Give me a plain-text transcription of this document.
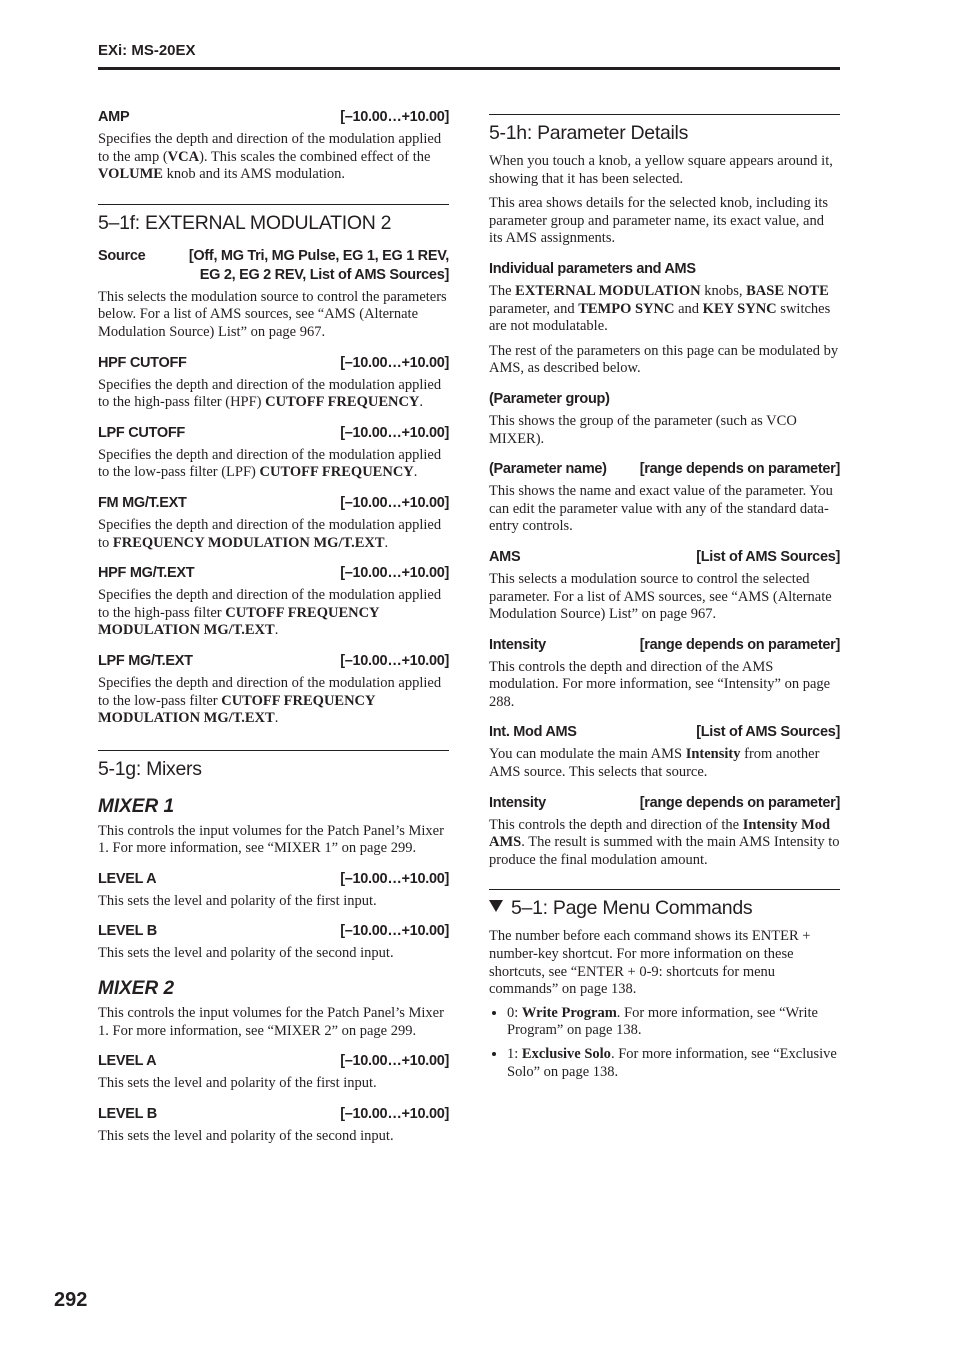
EXi: MS-20EX
AMP	[–10.00…+10.00]

Specifies the depth and direction of the modulation applied to the amp (VCA). This scales the combined effect of the VOLUME knob and its AMS modulation.

5–1f: EXTERNAL MODULATION 2
Source	[Off, MG Tri, MG Pulse, EG 1, EG 1 REV, EG 2, EG 2 REV, List of AMS Sources]

This selects the modulation source to control the parameters below. For a list of AMS sources, see “AMS (Alternate Modulation Source) List” on page 967.

HPF CUTOFF	[–10.00…+10.00]

Specifies the depth and direction of the modulation applied to the high-pass filter (HPF) CUTOFF FREQUENCY.

LPF CUTOFF	[–10.00…+10.00]

Specifies the depth and direction of the modulation applied to the low-pass filter (LPF) CUTOFF FREQUENCY.

FM MG/T.EXT	[–10.00…+10.00]

Specifies the depth and direction of the modulation applied to FREQUENCY MODULATION MG/T.EXT.

HPF MG/T.EXT	[–10.00…+10.00]

Specifies the depth and direction of the modulation applied to the high-pass filter CUTOFF FREQUENCY MODULATION MG/T.EXT.

LPF MG/T.EXT	[–10.00…+10.00]

Specifies the depth and direction of the modulation applied to the low-pass filter CUTOFF FREQUENCY MODULATION MG/T.EXT.

5-1g: Mixers
MIXER 1

This controls the input volumes for the Patch Panel’s Mixer 1. For more information, see “MIXER 1” on page 299.

LEVEL A	[–10.00…+10.00]

This sets the level and polarity of the first input.

LEVEL B	[–10.00…+10.00]

This sets the level and polarity of the second input.

MIXER 2

This controls the input volumes for the Patch Panel’s Mixer 1. For more information, see “MIXER 2” on page 299.

LEVEL A	[–10.00…+10.00]

This sets the level and polarity of the first input.

LEVEL B	[–10.00…+10.00]

This sets the level and polarity of the second input.

5-1h: Parameter Details

When you touch a knob, a yellow square appears around it, showing that it has been selected.

This area shows details for the selected knob, including its parameter group and parameter name, its exact value, and its AMS assignments.

Individual parameters and AMS

The EXTERNAL MODULATION knobs, BASE NOTE parameter, and TEMPO SYNC and KEY SYNC switches are not modulatable.

The rest of the parameters on this page can be modulated by AMS, as described below.

(Parameter group)

This shows the group of the parameter (such as VCO MIXER).

(Parameter name) [range depends on parameter]

This shows the name and exact value of the parameter. You can edit the parameter value with any of the standard data-entry controls.

AMS	[List of AMS Sources]

This selects a modulation source to control the selected parameter. For a list of AMS sources, see “AMS (Alternate Modulation Source) List” on page 967.

Intensity	[range depends on parameter]

This controls the depth and direction of the AMS modulation. For more information, see “Intensity” on page 288.

Int. Mod AMS	[List of AMS Sources]

You can modulate the main AMS Intensity from another AMS source. This selects that source.

Intensity	[range depends on parameter]

This controls the depth and direction of the Intensity Mod AMS. The result is summed with the main AMS Intensity to produce the final modulation amount.

5–1: Page Menu Commands

The number before each command shows its ENTER + number-key shortcut. For more information on these shortcuts, see “ENTER + 0-9: shortcuts for menu commands” on page 138.

• 0: Write Program. For more information, see “Write Program” on page 138.
• 1: Exclusive Solo. For more information, see “Exclusive Solo” on page 138.
292
